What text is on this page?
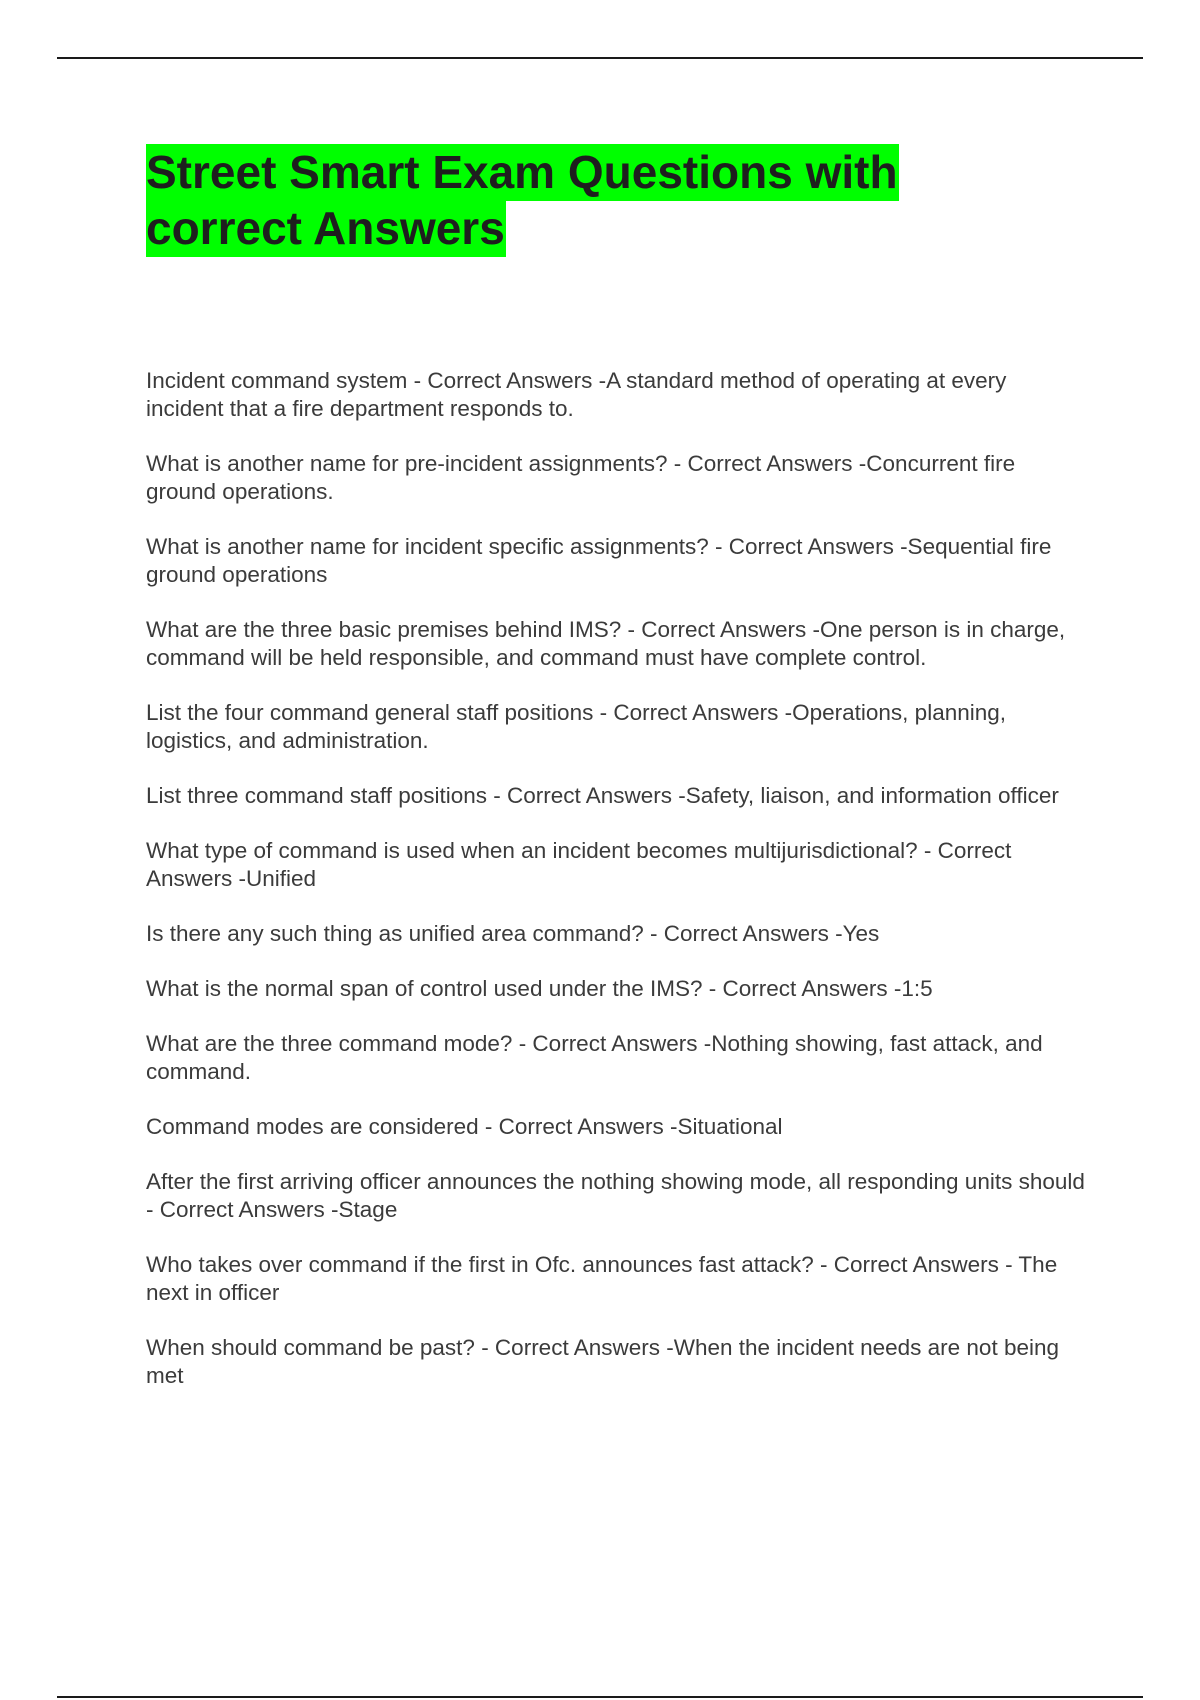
Street Smart Exam Questions with correct Answers
Incident command system - Correct Answers -A standard method of operating at every incident that a fire department responds to.
What is another name for pre-incident assignments? - Correct Answers -Concurrent fire ground operations.
What is another name for incident specific assignments? - Correct Answers -Sequential fire ground operations
What are the three basic premises behind IMS? - Correct Answers -One person is in charge, command will be held responsible, and command must have complete control.
List the four command general staff positions - Correct Answers -Operations, planning, logistics, and administration.
List three command staff positions - Correct Answers -Safety, liaison, and information officer
What type of command is used when an incident becomes multijurisdictional? - Correct Answers -Unified
Is there any such thing as unified area command? - Correct Answers -Yes
What is the normal span of control used under the IMS? - Correct Answers -1:5
What are the three command mode? - Correct Answers -Nothing showing, fast attack, and command.
Command modes are considered - Correct Answers -Situational
After the first arriving officer announces the nothing showing mode, all responding units should - Correct Answers -Stage
Who takes over command if the first in Ofc. announces fast attack? - Correct Answers - The next in officer
When should command be past? - Correct Answers -When the incident needs are not being met
